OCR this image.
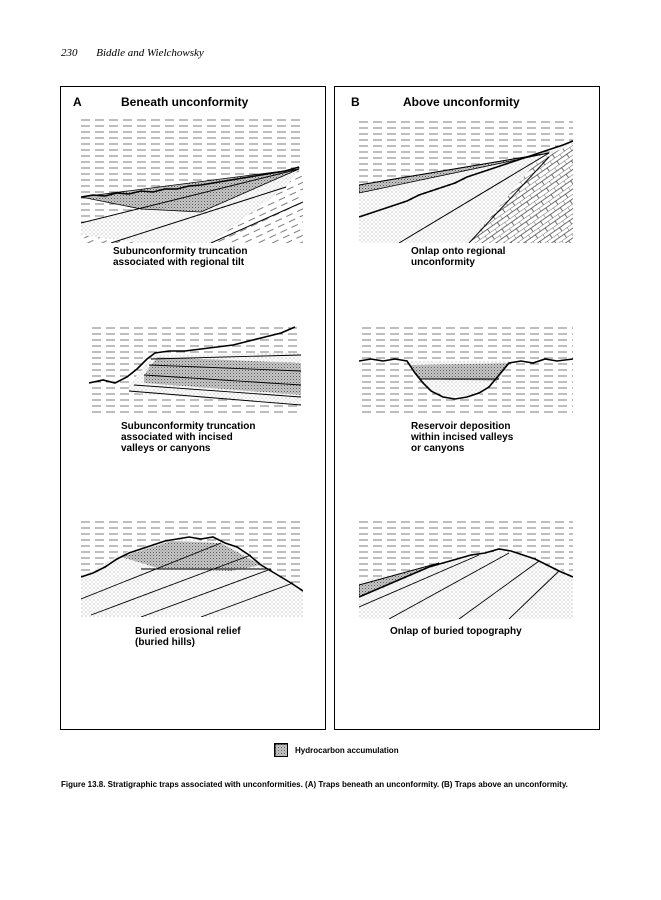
230 Biddle and Wielchowsky
A	Beneath unconformity
Subunconformity truncation
associated with regional tilt
Subunconformity truncation
associated with incised
valleys or canyons
Buried erosional relief
(buried hills)
B	Above unconformity
Onlap onto regional
unconformity
Reservoir deposition
within incised valleys
or canyons
Onlap of buried topography
Hydrocarbon accumulation
Figure 13.8. Stratigraphic traps associated with unconformities. (A) Traps beneath an unconformity. (B) Traps above an unconformity.
